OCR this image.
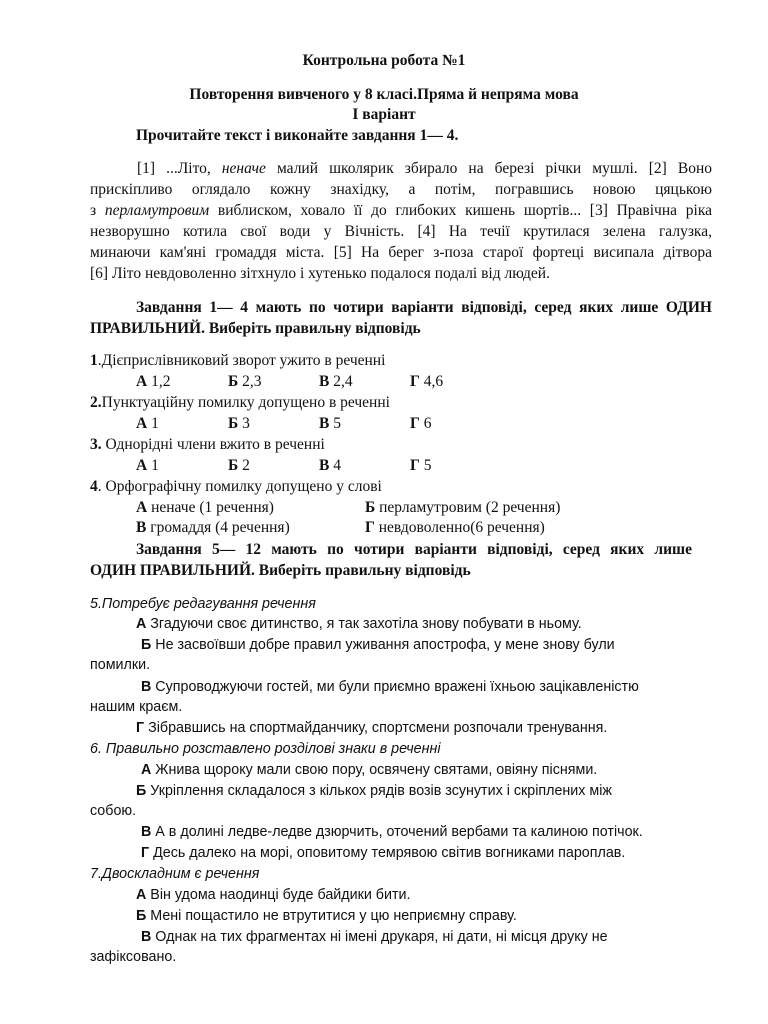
Контрольна робота №1
Повторення вивченого у 8 класі.Пряма й непряма мова
І варіант
Прочитайте текст і виконайте завдання 1— 4.
[1] ...Літо, неначе малий школярик збирало на березі річки мушлі. [2] Воно
прискіпливо оглядало кожну знахідку, а потім, погравшись новою цяцькою
з перламутровим виблиском, ховало її до глибоких кишень шортів... [3] Правічна ріка
незворушно котила свої води у Вічність. [4] На течії крутилася зелена галузка,
минаючи кам'яні громаддя міста. [5] На берег з-поза старої фортеці висипала дітвора
[6] Літо невдоволенно зітхнуло і хутенько подалося подалі від людей.
Завдання 1— 4 мають по чотири варіанти відповіді, серед яких лише ОДИН
ПРАВИЛЬНИЙ. Виберіть правильну відповідь
1.Дієприслівниковий зворот ужито в реченні
А 1,2	Б 2,3	В 2,4	Г 4,6
2.Пунктуаційну помилку допущено в реченні
А 1	Б 3	В 5	Г 6
3. Однорідні члени вжито в реченні
А 1	Б 2	В 4	Г 5
4. Орфографічну помилку допущено у слові
А неначе (1 речення)	Б перламутровим (2 речення)
В громаддя (4 речення)	Г невдоволенно(6 речення)
Завдання 5— 12 мають по чотири варіанти відповіді, серед яких лише
ОДИН ПРАВИЛЬНИЙ. Виберіть правильну відповідь
5.Потребує редагування речення
А Згадуючи своє дитинство, я так захотіла знову побувати в ньому.
Б Не засвоївши добре правил уживання апострофа, у мене знову були
помилки.
В Супроводжуючи гостей, ми були приємно вражені їхньою зацікавленістю
нашим краєм.
Г Зібравшись на спортмайданчику, спортсмени розпочали тренування.
6. Правильно розставлено розділові знаки в реченні
А Жнива щороку мали свою пору, освячену святами, овіяну піснями.
Б Укріплення складалося з кількох рядів возів зсунутих і скріплених між
собою.
В А в долині ледве-ледве дзюрчить, оточений вербами та калиною потічок.
Г Десь далеко на морі, оповитому темрявою світив вогниками пароплав.
7.Двоскладним є речення
А Він удома наодинці буде байдики бити.
Б Мені пощастило не втрутитися у цю неприємну справу.
В Однак на тих фрагментах ні імені друкаря, ні дати, ні місця друку не
зафіксовано.
